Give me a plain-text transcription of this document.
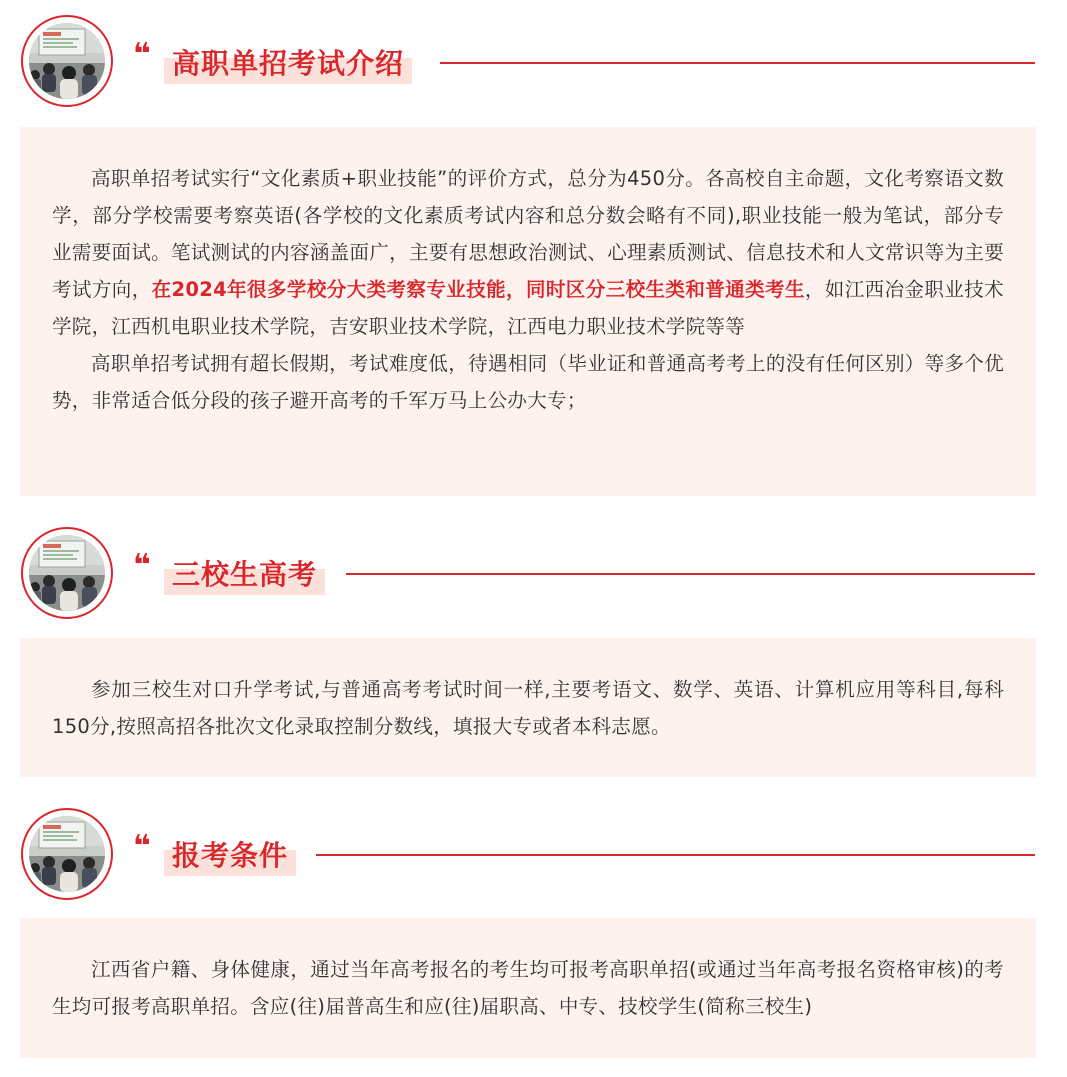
❝ 高职单招考试介绍

高职单招考试实行“文化素质+职业技能”的评价方式，总分为450分。各高校自主命题，文化考察语文数学，部分学校需要考察英语(各学校的文化素质考试内容和总分数会略有不同),职业技能一般为笔试，部分专业需要面试。笔试测试的内容涵盖面广，主要有思想政治测试、心理素质测试、信息技术和人文常识等为主要考试方向，在2024年很多学校分大类考察专业技能，同时区分三校生类和普通类考生，如江西冶金职业技术学院，江西机电职业技术学院，吉安职业技术学院，江西电力职业技术学院等等

高职单招考试拥有超长假期，考试难度低，待遇相同（毕业证和普通高考考上的没有任何区别）等多个优势，非常适合低分段的孩子避开高考的千军万马上公办大专；

❝ 三校生高考

参加三校生对口升学考试,与普通高考考试时间一样,主要考语文、数学、英语、计算机应用等科目,每科150分,按照高招各批次文化录取控制分数线，填报大专或者本科志愿。

❝ 报考条件

江西省户籍、身体健康，通过当年高考报名的考生均可报考高职单招(或通过当年高考报名资格审核)的考生均可报考高职单招。含应(往)届普高生和应(往)届职高、中专、技校学生(简称三校生)
